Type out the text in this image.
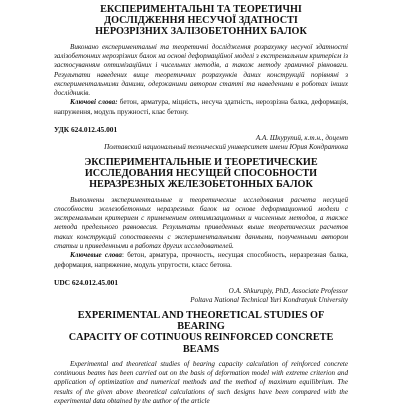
ЕКСПЕРИМЕНТАЛЬНІ ТА ТЕОРЕТИЧНІ
ДОСЛІДЖЕННЯ НЕСУЧОЇ ЗДАТНОСТІ
НЕРОЗРІЗНИХ ЗАЛІЗОБЕТОННИХ БАЛОК

Виконано експериментальні та теоретичні дослідження розрахунку несучої здатності залізобетонних нерозрізних балок на основі деформаційної моделі з екстремальним критерієм із застосуванням оптимізаційних і чисельних методів, а також методу граничної рівноваги. Результати наведених вище теоретичних розрахунків даних конструкцій порівняні з експериментальними даними, одержаними автором статті та наведеними в роботах інших дослідників.

Ключові слова: бетон, арматура, міцність, несуча здатність, нерозрізна балка, деформація, напруження, модуль пружності, клас бетону.

УДК 624.012.45.001
А.А. Шкурупий, к.т.н., доцент
Полтавский национальный технический университет имени Юрия Кондратюка
ЭКСПЕРИМЕНТАЛЬНЫЕ И ТЕОРЕТИЧЕСКИЕ
ИССЛЕДОВАНИЯ НЕСУЩЕЙ СПОСОБНОСТИ
НЕРАЗРЕЗНЫХ ЖЕЛЕЗОБЕТОННЫХ БАЛОК

Выполнены экспериментальные и теоретические исследования расчета несущей способности железобетонных неразрезных балок на основе деформационной модели с экстремальным критерием с применением оптимизационных и численных методов, а также метода предельного равновесия. Результаты приведенных выше теоретических расчетов таких конструкций сопоставлены с экспериментальными данными, полученными автором статьи и приведенными в работах других исследователей.

Ключевые слова: бетон, арматура, прочность, несущая способность, неразрезная балка, деформация, напряжение, модуль упругости, класс бетона.

UDC 624.012.45.001
O.A. Shkurupiy, PhD, Associate Professor
Poltava National Technical Yuri Kondratyuk University
EXPERIMENTAL AND THEORETICAL STUDIES OF BEARING
CAPACITY OF COTINUOUS REINFORCED CONCRETE BEAMS

Experimental and theoretical studies of bearing capacity calculation of reinforced concrete continuous beams has been carried out on the basis of deformation model with extreme criterion and application of optimization and numerical methods and the method of maximum equilibrium. The results of the given above theoretical calculations of such designs have been compared with the experimental data obtained by the author of the article
